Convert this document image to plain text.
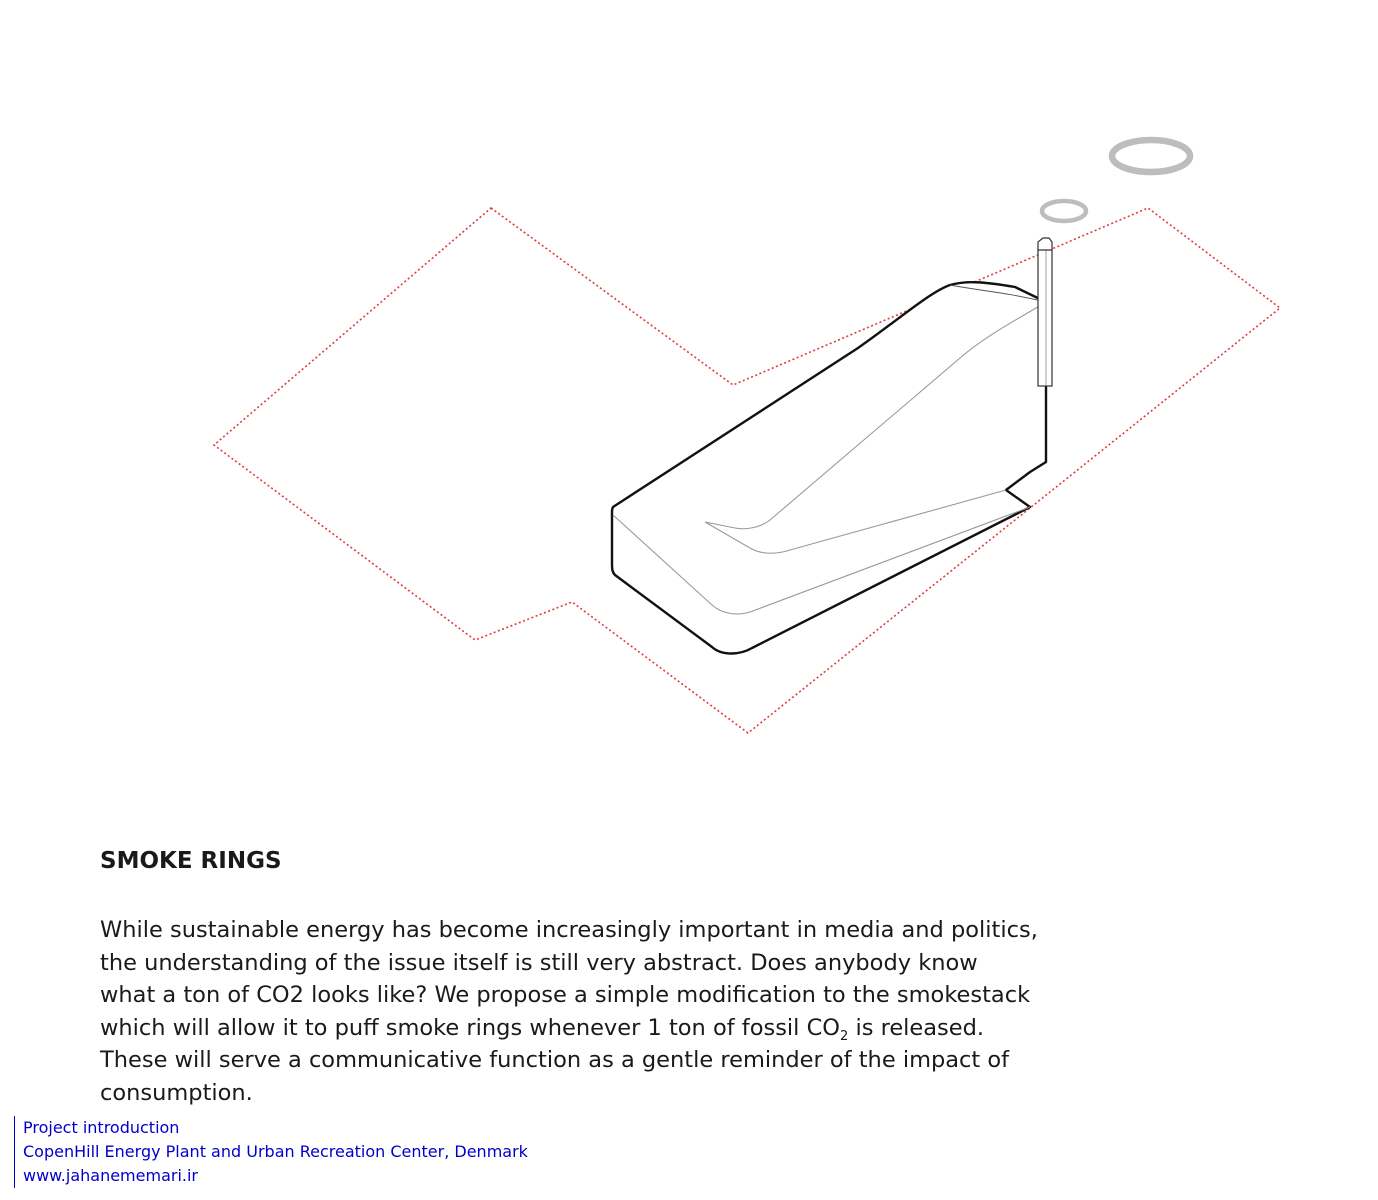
SMOKE RINGS

While sustainable energy has become increasingly important in media and politics,
the understanding of the issue itself is still very abstract. Does anybody know
what a ton of CO2 looks like? We propose a simple modification to the smokestack
which will allow it to puff smoke rings whenever 1 ton of fossil $CO_2$ is released.
These will serve a communicative function as a gentle reminder of the impact of
consumption.

Project introduction
CopenHill Energy Plant and Urban Recreation Center, Denmark
www.jahanememari.ir
